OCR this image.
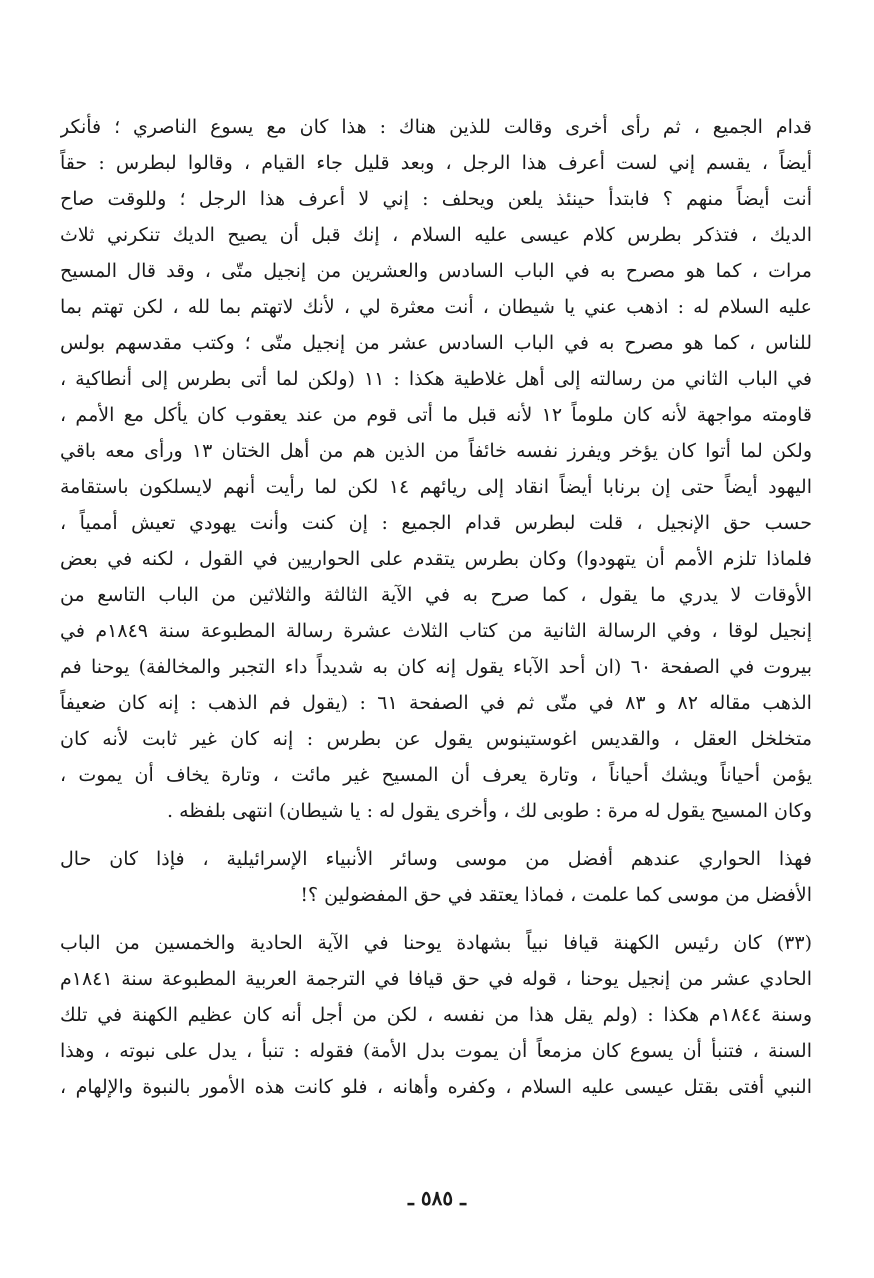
قدام الجميع ، ثم رأى أخرى وقالت للذين هناك : هذا كان مع يسوع الناصري ؛ فأنكر
أيضاً ، يقسم إني لست أعرف هذا الرجل ، وبعد قليل جاء القيام ، وقالوا لبطرس : حقاً
أنت أيضاً منهم ؟ فابتدأ حينئذ يلعن ويحلف : إني لا أعرف هذا الرجل ؛ وللوقت صاح
الديك ، فتذكر بطرس كلام عيسى عليه السلام ، إنك قبل أن يصيح الديك تنكرني ثلاث
مرات ، كما هو مصرح به في الباب السادس والعشرين من إنجيل متّى ، وقد قال المسيح
عليه السلام له : اذهب عني يا شيطان ، أنت معثرة لي ، لأنك لاتهتم بما لله ، لكن تهتم بما
للناس ، كما هو مصرح به في الباب السادس عشر من إنجيل متّى ؛ وكتب مقدسهم بولس
في الباب الثاني من رسالته إلى أهل غلاطية هكذا : ١١ (ولكن لما أتى بطرس إلى أنطاكية ،
قاومته مواجهة لأنه كان ملوماً ١٢ لأنه قبل ما أتى قوم من عند يعقوب كان يأكل مع الأمم ،
ولكن لما أتوا كان يؤخر ويفرز نفسه خائفاً من الذين هم من أهل الختان ١٣ ورأى معه باقي
اليهود أيضاً حتى إن برنابا أيضاً انقاد إلى ريائهم ١٤ لكن لما رأيت أنهم لايسلكون باستقامة
حسب حق الإنجيل ، قلت لبطرس قدام الجميع : إن كنت وأنت يهودي تعيش أممياً ،
فلماذا تلزم الأمم أن يتهودوا) وكان بطرس يتقدم على الحواريين في القول ، لكنه في بعض
الأوقات لا يدري ما يقول ، كما صرح به في الآية الثالثة والثلاثين من الباب التاسع من
إنجيل لوقا ، وفي الرسالة الثانية من كتاب الثلاث عشرة رسالة المطبوعة سنة ١٨٤٩م في
بيروت في الصفحة ٦٠ (ان أحد الآباء يقول إنه كان به شديداً داء التجبر والمخالفة) يوحنا فم
الذهب مقاله ٨٢ و ٨٣ في متّى ثم في الصفحة ٦١ : (يقول فم الذهب : إنه كان ضعيفاً
متخلخل العقل ، والقديس اغوستينوس يقول عن بطرس : إنه كان غير ثابت لأنه كان
يؤمن أحياناً ويشك أحياناً ، وتارة يعرف أن المسيح غير مائت ، وتارة يخاف أن يموت ،
وكان المسيح يقول له مرة : طوبى لك ، وأخرى يقول له : يا شيطان) انتهى بلفظه .
فهذا الحواري عندهم أفضل من موسى وسائر الأنبياء الإسرائيلية ، فإذا كان حال
الأفضل من موسى كما علمت ، فماذا يعتقد في حق المفضولين ؟!
(٣٣) كان رئيس الكهنة قيافا نبياً بشهادة يوحنا في الآية الحادية والخمسين من الباب
الحادي عشر من إنجيل يوحنا ، قوله في حق قيافا في الترجمة العربية المطبوعة سنة ١٨٤١م
وسنة ١٨٤٤م هكذا : (ولم يقل هذا من نفسه ، لكن من أجل أنه كان عظيم الكهنة في تلك
السنة ، فتنبأ أن يسوع كان مزمعاً أن يموت بدل الأمة) فقوله : تنبأ ، يدل على نبوته ، وهذا
النبي أفتى بقتل عيسى عليه السلام ، وكفره وأهانه ، فلو كانت هذه الأمور بالنبوة والإلهام ،
ـ ٥٨٥ ـ
